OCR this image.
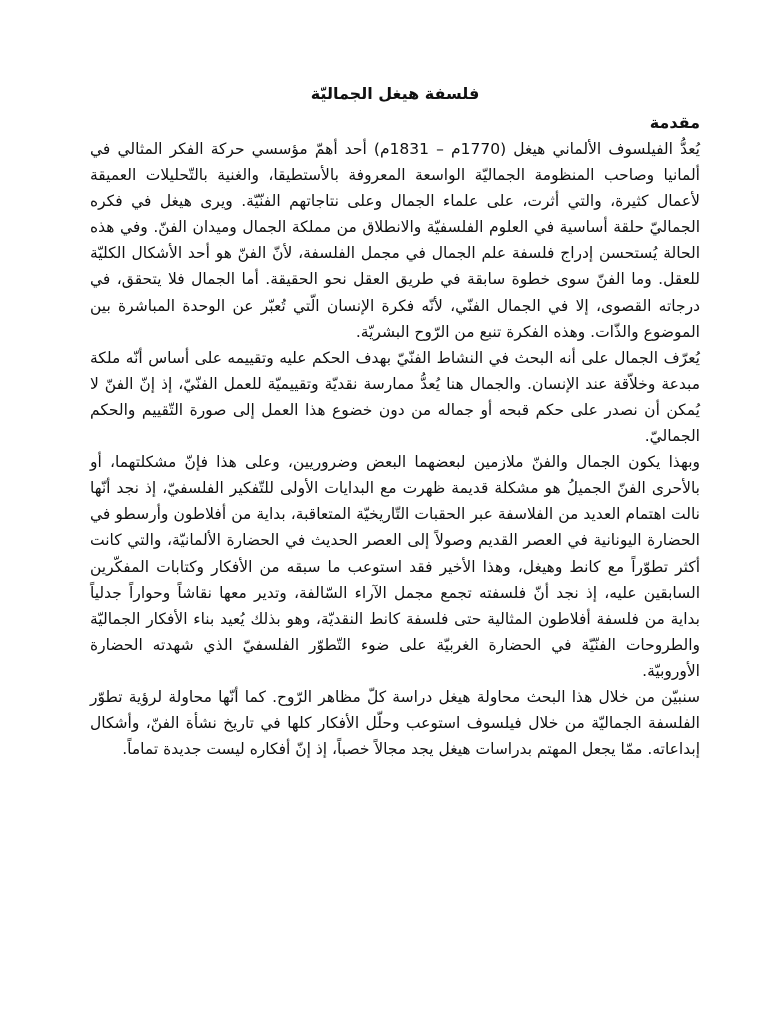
فلسفة هيغل الجماليّة
مقدمة

يُعدُّ الفيلسوف الألماني هيغل (1770م – 1831م) أحد أهمّ مؤسسي حركة الفكر المثالي في ألمانيا وصاحب المنظومة الجماليّة الواسعة المعروفة بالأستطيقا، والغنية بالتّحليلات العميقة لأعمال كثيرة، والتي أثرت، على علماء الجمال وعلى نتاجاتهم الفنّيّة. ويرى هيغل في فكره الجماليّ حلقة أساسية في العلوم الفلسفيّة والانطلاق من مملكة الجمال وميدان الفنّ. وفي هذه الحالة يُستحسن إدراج فلسفة علم الجمال في مجمل الفلسفة، لأنّ الفنّ هو أحد الأشكال الكليّة للعقل. وما الفنّ سوى خطوة سابقة في طريق العقل نحو الحقيقة. أما الجمال فلا يتحقق، في درجاته القصوى، إلا في الجمال الفنّي، لأنّه فكرة الإنسان الّتي تُعبّر عن الوحدة المباشرة بين الموضوع والذّات. وهذه الفكرة تنبع من الرّوح البشريّة.

يُعرّف الجمال على أنه البحث في النشاط الفنّيّ بهدف الحكم عليه وتقييمه على أساس أنّه ملكة مبدعة وخلاّقة عند الإنسان. والجمال هنا يُعدُّ ممارسة نقديّة وتقييميّة للعمل الفنّيّ، إذ إنّ الفنّ لا يُمكن أن نصدر على حكم قبحه أو جماله من دون خضوع هذا العمل إلى صورة التّقييم والحكم الجماليّ.

وبهذا يكون الجمال والفنّ ملازمين لبعضهما البعض وضروريين، وعلى هذا فإنّ مشكلتهما، أو بالأحرى الفنّ الجميلُ هو مشكلة قديمة ظهرت مع البدايات الأولى للتّفكير الفلسفيّ، إذ نجد أنّها نالت اهتمام العديد من الفلاسفة عبر الحقبات التّاريخيّة المتعاقبة، بداية من أفلاطون وأرسطو في الحضارة اليونانية في العصر القديم وصولاً إلى العصر الحديث في الحضارة الألمانيّة، والتي كانت أكثر تطوّراً مع كانط وهيغل، وهذا الأخير فقد استوعب ما سبقه من الأفكار وكتابات المفكّرين السابقين عليه، إذ نجد أنّ فلسفته تجمع مجمل الآراء السّالفة، وتدير معها نقاشاً وحواراً جدلياً بداية من فلسفة أفلاطون المثالية حتى فلسفة كانط النقديّة، وهو بذلك يُعيد بناء الأفكار الجماليّة والطروحات الفنّيّة في الحضارة الغربيّة على ضوء التّطوّر الفلسفيّ الذي شهدته الحضارة الأوروبيّة.

سنبيّن من خلال هذا البحث محاولة هيغل دراسة كلّ مظاهر الرّوح. كما أنّها محاولة لرؤية تطوّر الفلسفة الجماليّة من خلال فيلسوف استوعب وحلّل الأفكار كلها في تاريخ نشأة الفنّ، وأشكال إبداعاته. ممّا يجعل المهتم بدراسات هيغل يجد مجالاً خصباً، إذ إنّ أفكاره ليست جديدة تماماً.
